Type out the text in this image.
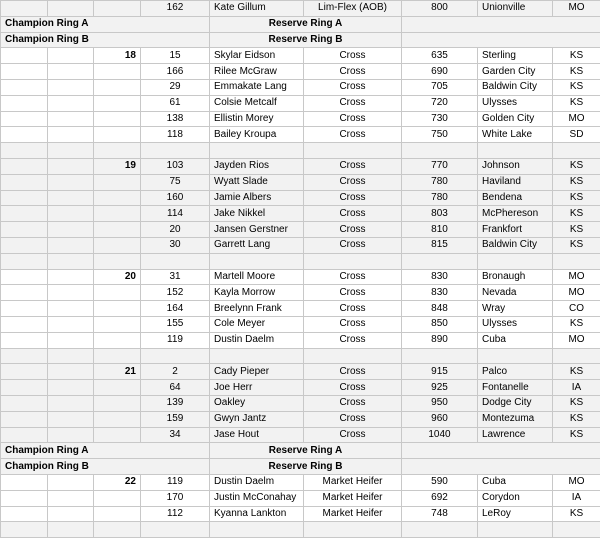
			162	Kate Gillum	Lim-Flex (AOB)	800	Unionville	MO
Champion Ring A				Reserve Ring A				
Champion Ring B				Reserve Ring B				
		18	15	Skylar Eidson	Cross	635	Sterling	KS
			166	Rilee McGraw	Cross	690	Garden City	KS
			29	Emmakate Lang	Cross	705	Baldwin City	KS
			61	Colsie Metcalf	Cross	720	Ulysses	KS
			138	Ellistin Morey	Cross	730	Golden City	MO
			118	Bailey Kroupa	Cross	750	White Lake	SD

		19	103	Jayden Rios	Cross	770	Johnson	KS
			75	Wyatt Slade	Cross	780	Haviland	KS
			160	Jamie Albers	Cross	780	Bendena	KS
			114	Jake Nikkel	Cross	803	McPhereson	KS
			20	Jansen Gerstner	Cross	810	Frankfort	KS
			30	Garrett Lang	Cross	815	Baldwin City	KS

		20	31	Martell Moore	Cross	830	Bronaugh	MO
			152	Kayla Morrow	Cross	830	Nevada	MO
			164	Breelynn Frank	Cross	848	Wray	CO
			155	Cole Meyer	Cross	850	Ulysses	KS
			119	Dustin Daelm	Cross	890	Cuba	MO

		21	2	Cady Pieper	Cross	915	Palco	KS
			64	Joe Herr	Cross	925	Fontanelle	IA
			139	Oakley	Cross	950	Dodge City	KS
			159	Gwyn Jantz	Cross	960	Montezuma	KS
			34	Jase Hout	Cross	1040	Lawrence	KS
Champion Ring A				Reserve Ring A				
Champion Ring B				Reserve Ring B				
		22	119	Dustin Daelm	Market Heifer	590	Cuba	MO
			170	Justin McConahay	Market Heifer	692	Corydon	IA
			112	Kyanna Lankton	Market Heifer	748	LeRoy	KS
